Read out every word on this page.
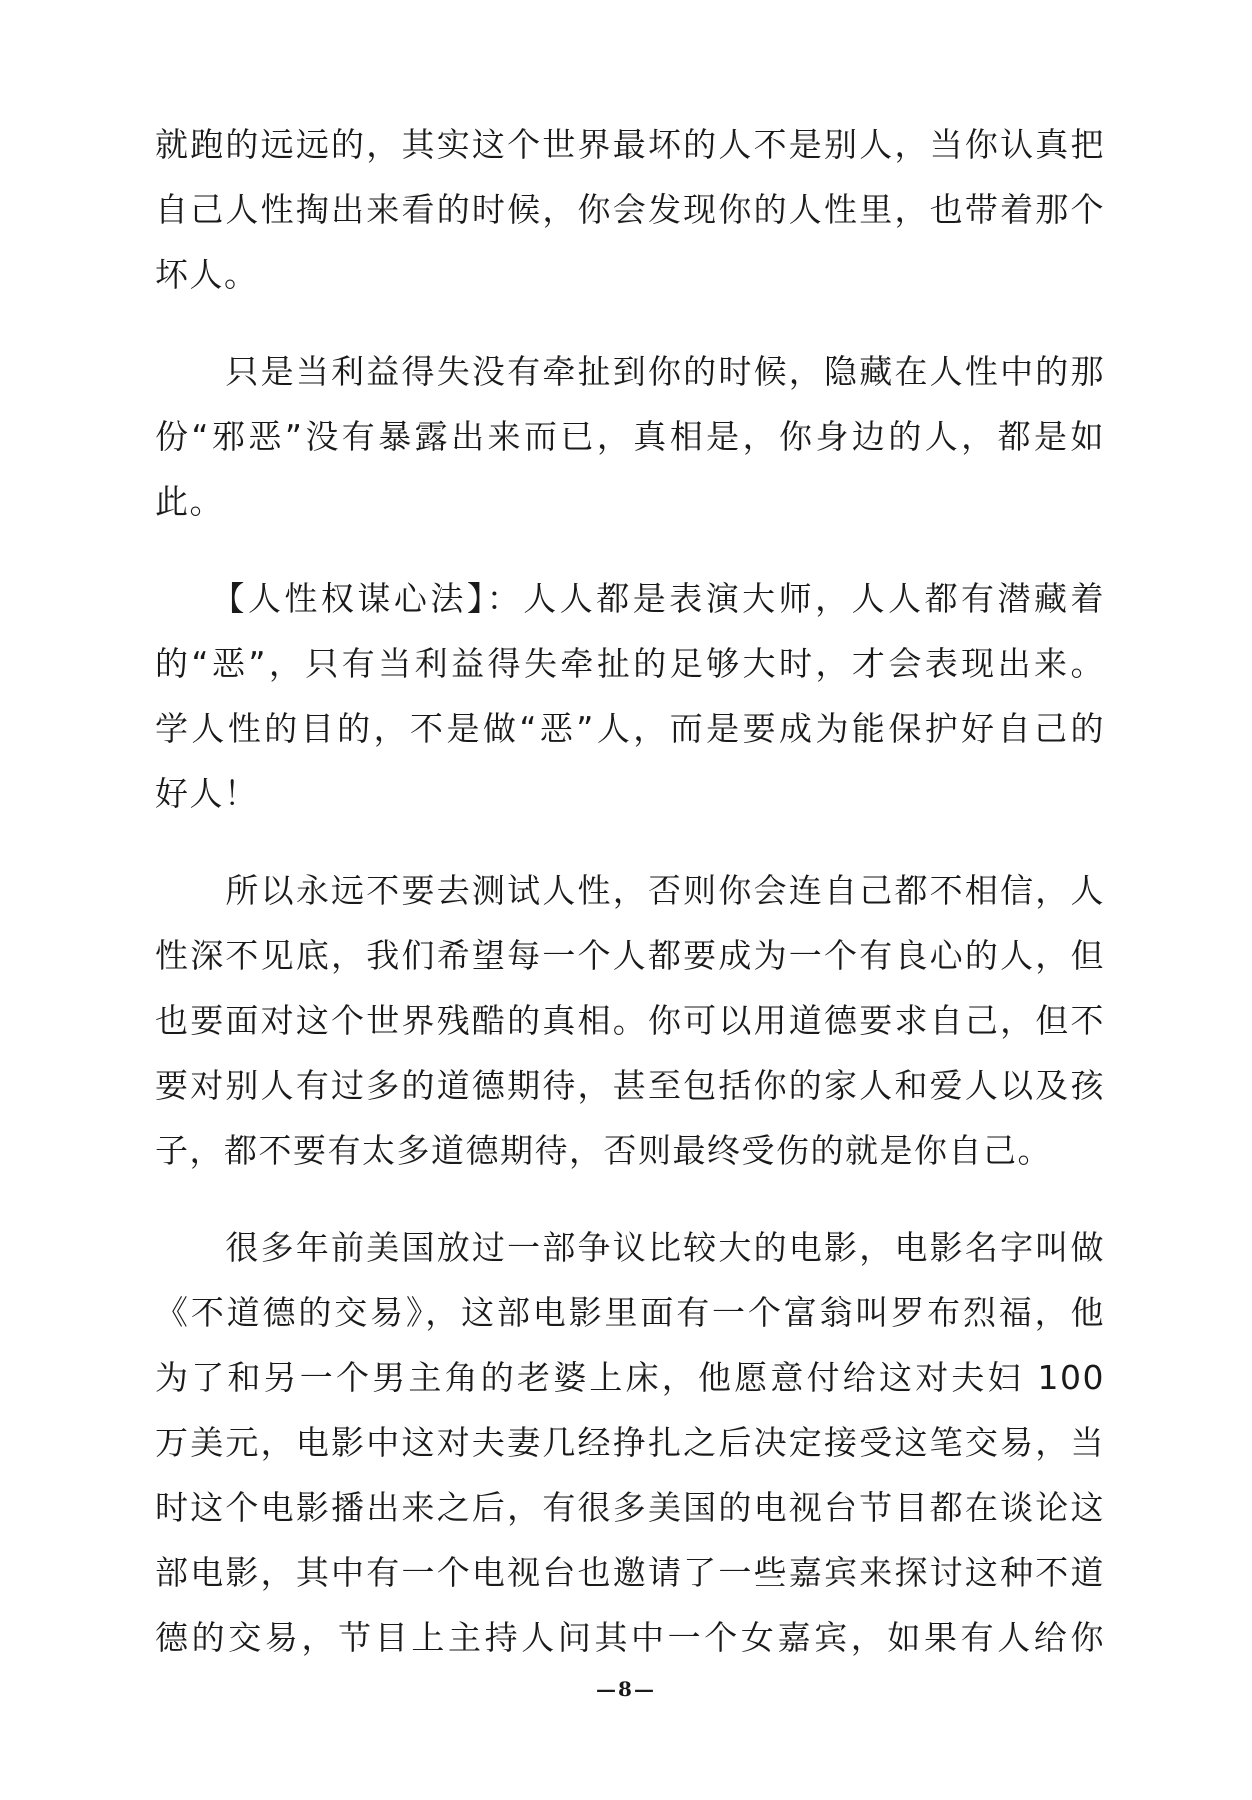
就跑的远远的，其实这个世界最坏的人不是别人，当你认真把
自己人性掏出来看的时候，你会发现你的人性里，也带着那个
坏人。
　　只是当利益得失没有牵扯到你的时候，隐藏在人性中的那
份“邪恶”没有暴露出来而已，真相是，你身边的人，都是如
此。
　　【人性权谋心法】：人人都是表演大师，人人都有潜藏着
的“恶”，只有当利益得失牵扯的足够大时，才会表现出来。
学人性的目的，不是做“恶”人，而是要成为能保护好自己的
好人！
　　所以永远不要去测试人性，否则你会连自己都不相信，人
性深不见底，我们希望每一个人都要成为一个有良心的人，但
也要面对这个世界残酷的真相。你可以用道德要求自己，但不
要对别人有过多的道德期待，甚至包括你的家人和爱人以及孩
子，都不要有太多道德期待，否则最终受伤的就是你自己。
　　很多年前美国放过一部争议比较大的电影，电影名字叫做
《不道德的交易》，这部电影里面有一个富翁叫罗布烈福，他
为了和另一个男主角的老婆上床，他愿意付给这对夫妇 100
万美元，电影中这对夫妻几经挣扎之后决定接受这笔交易，当
时这个电影播出来之后，有很多美国的电视台节目都在谈论这
部电影，其中有一个电视台也邀请了一些嘉宾来探讨这种不道
德的交易，节目上主持人问其中一个女嘉宾，如果有人给你
—8—
